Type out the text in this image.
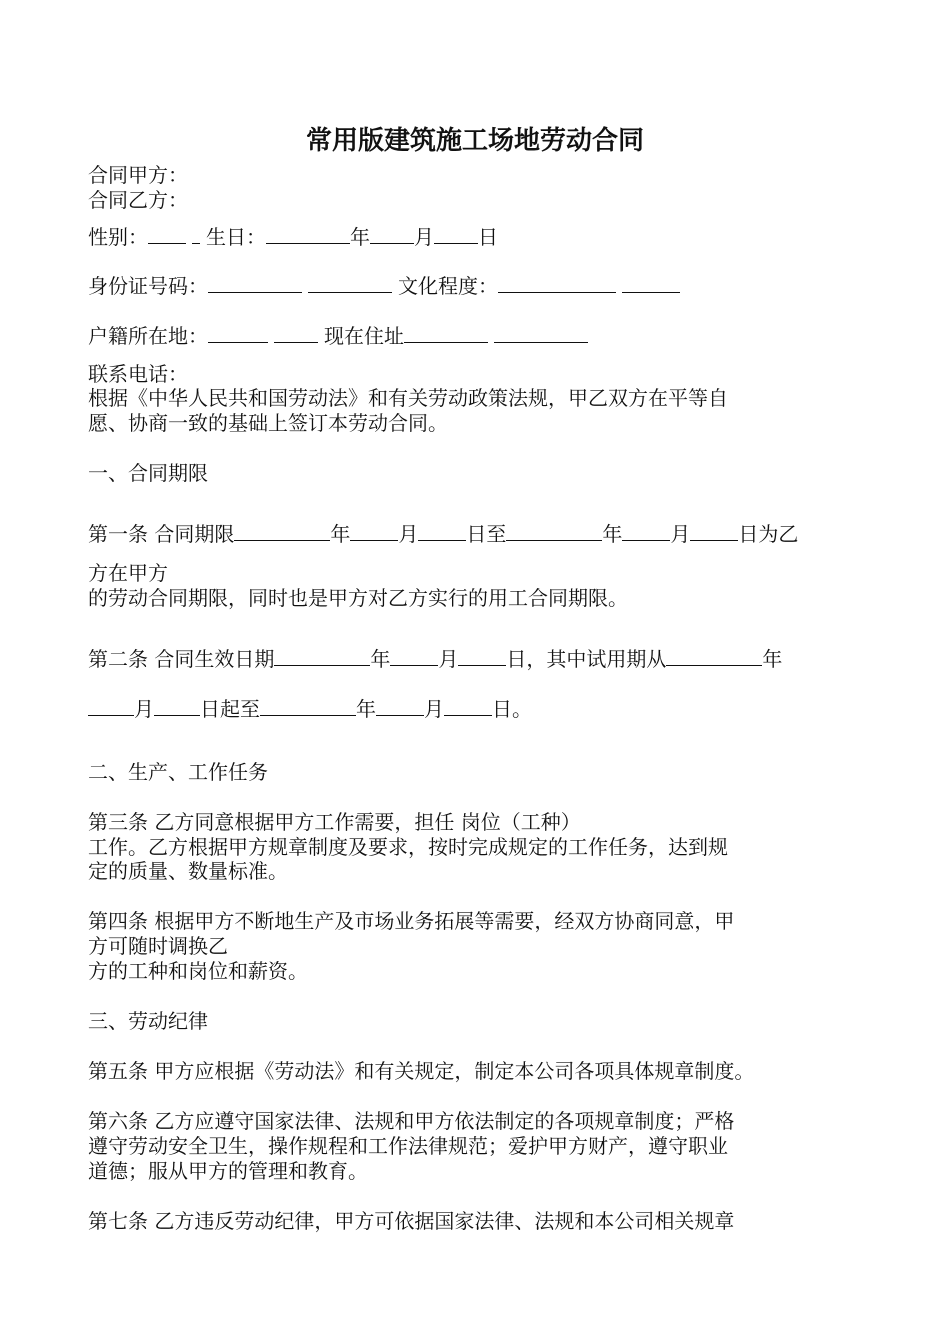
常用版建筑施工场地劳动合同

合同甲方：

合同乙方：

性别：	生日：	年 月 日

身份证号码：	文化程度：

户籍所在地：	现在住址

联系电话：

根据《中华人民共和国劳动法》和有关劳动政策法规，甲乙双方在平等自

愿、协商一致的基础上签订本劳动合同。

一、合同期限

第一条 合同期限	年 月 日至	年 月 日为乙

方在甲方

的劳动合同期限，同时也是甲方对乙方实行的用工合同期限。

第二条 合同生效日期	年 月 日，其中试用期从	年

月 日起至	年 月 日。

二、生产、工作任务

第三条 乙方同意根据甲方工作需要，担任 岗位（工种）

工作。乙方根据甲方规章制度及要求，按时完成规定的工作任务，达到规

定的质量、数量标准。

第四条 根据甲方不断地生产及市场业务拓展等需要，经双方协商同意，甲

方可随时调换乙

方的工种和岗位和薪资。

三、劳动纪律

第五条 甲方应根据《劳动法》和有关规定，制定本公司各项具体规章制度。

第六条 乙方应遵守国家法律、法规和甲方依法制定的各项规章制度；严格

遵守劳动安全卫生，操作规程和工作法律规范；爱护甲方财产，遵守职业

道德；服从甲方的管理和教育。

第七条 乙方违反劳动纪律，甲方可依据国家法律、法规和本公司相关规章
